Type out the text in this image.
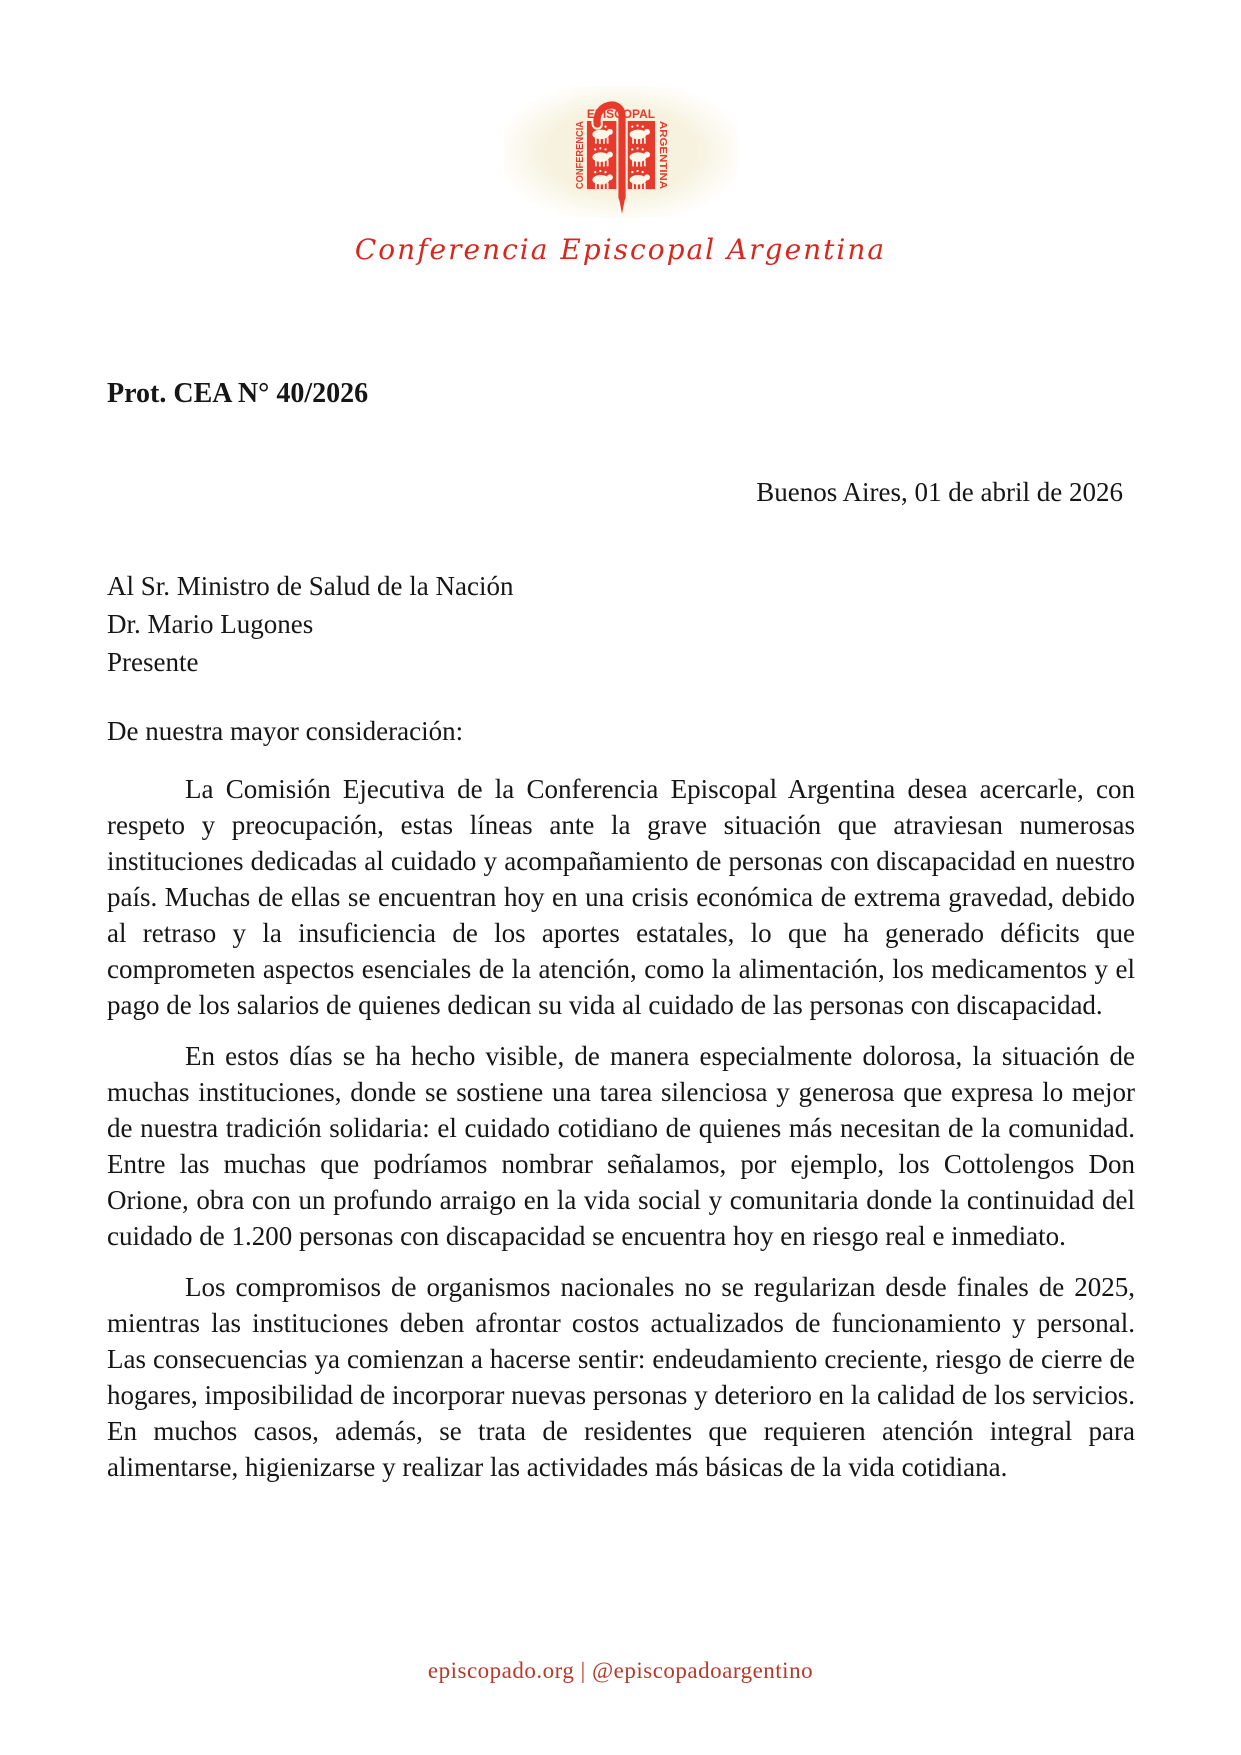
EPISCOPAL
CONFERENCIA	ARGENTINA
Conferencia Episcopal Argentina
Prot. CEA N° 40/2026
Buenos Aires, 01 de abril de 2026
Al Sr. Ministro de Salud de la Nación
Dr. Mario Lugones
Presente
De nuestra mayor consideración:

La Comisión Ejecutiva de la Conferencia Episcopal Argentina desea acercarle, con respeto y preocupación, estas líneas ante la grave situación que atraviesan numerosas instituciones dedicadas al cuidado y acompañamiento de personas con discapacidad en nuestro país. Muchas de ellas se encuentran hoy en una crisis económica de extrema gravedad, debido al retraso y la insuficiencia de los aportes estatales, lo que ha generado déficits que comprometen aspectos esenciales de la atención, como la alimentación, los medicamentos y el pago de los salarios de quienes dedican su vida al cuidado de las personas con discapacidad.

En estos días se ha hecho visible, de manera especialmente dolorosa, la situación de muchas instituciones, donde se sostiene una tarea silenciosa y generosa que expresa lo mejor de nuestra tradición solidaria: el cuidado cotidiano de quienes más necesitan de la comunidad. Entre las muchas que podríamos nombrar señalamos, por ejemplo, los Cottolengos Don Orione, obra con un profundo arraigo en la vida social y comunitaria donde la continuidad del cuidado de 1.200 personas con discapacidad se encuentra hoy en riesgo real e inmediato.

Los compromisos de organismos nacionales no se regularizan desde finales de 2025, mientras las instituciones deben afrontar costos actualizados de funcionamiento y personal. Las consecuencias ya comienzan a hacerse sentir: endeudamiento creciente, riesgo de cierre de hogares, imposibilidad de incorporar nuevas personas y deterioro en la calidad de los servicios. En muchos casos, además, se trata de residentes que requieren atención integral para alimentarse, higienizarse y realizar las actividades más básicas de la vida cotidiana.

episcopado.org | @episcopadoargentino
